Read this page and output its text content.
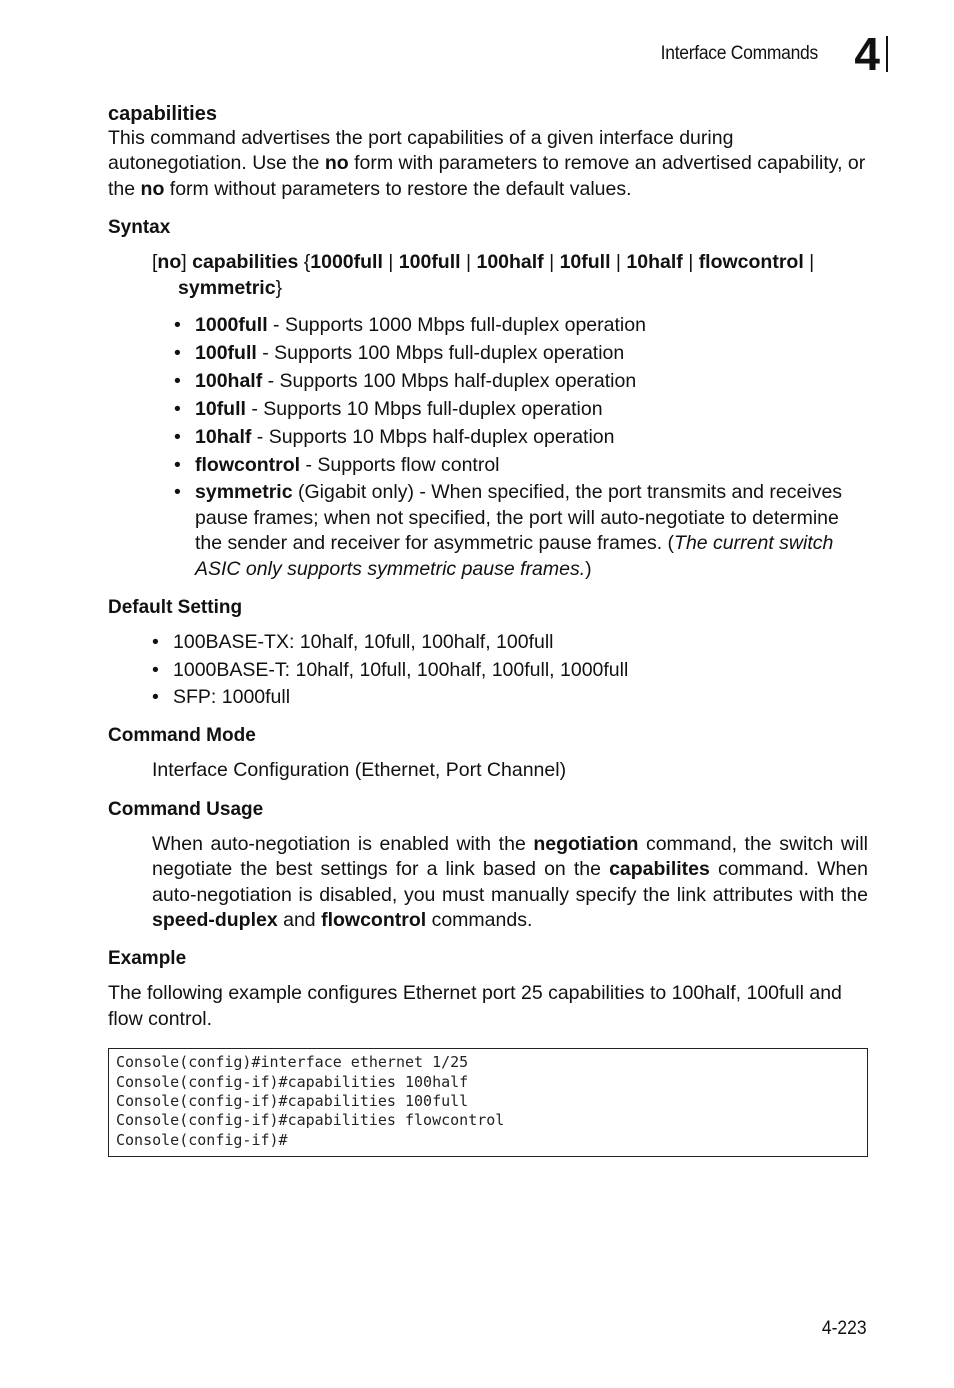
Interface Commands 4
capabilities

This command advertises the port capabilities of a given interface during autonegotiation. Use the no form with parameters to remove an advertised capability, or the no form without parameters to restore the default values.

Syntax

[no] capabilities {1000full | 100full | 100half | 10full | 10half | flowcontrol | symmetric}

• 1000full - Supports 1000 Mbps full-duplex operation
• 100full - Supports 100 Mbps full-duplex operation
• 100half - Supports 100 Mbps half-duplex operation
• 10full - Supports 10 Mbps full-duplex operation
• 10half - Supports 10 Mbps half-duplex operation
• flowcontrol - Supports flow control
• symmetric (Gigabit only) - When specified, the port transmits and receives pause frames; when not specified, the port will auto-negotiate to determine the sender and receiver for asymmetric pause frames. (The current switch ASIC only supports symmetric pause frames.)
Default Setting
• 100BASE-TX: 10half, 10full, 100half, 100full
• 1000BASE-T: 10half, 10full, 100half, 100full, 1000full
• SFP: 1000full
Command Mode

Interface Configuration (Ethernet, Port Channel)

Command Usage

When auto-negotiation is enabled with the negotiation command, the switch will negotiate the best settings for a link based on the capabilites command. When auto-negotiation is disabled, you must manually specify the link attributes with the speed-duplex and flowcontrol commands.

Example

The following example configures Ethernet port 25 capabilities to 100half, 100full and flow control.

Console(config)#interface ethernet 1/25
Console(config-if)#capabilities 100half
Console(config-if)#capabilities 100full
Console(config-if)#capabilities flowcontrol
Console(config-if)#
4-223
